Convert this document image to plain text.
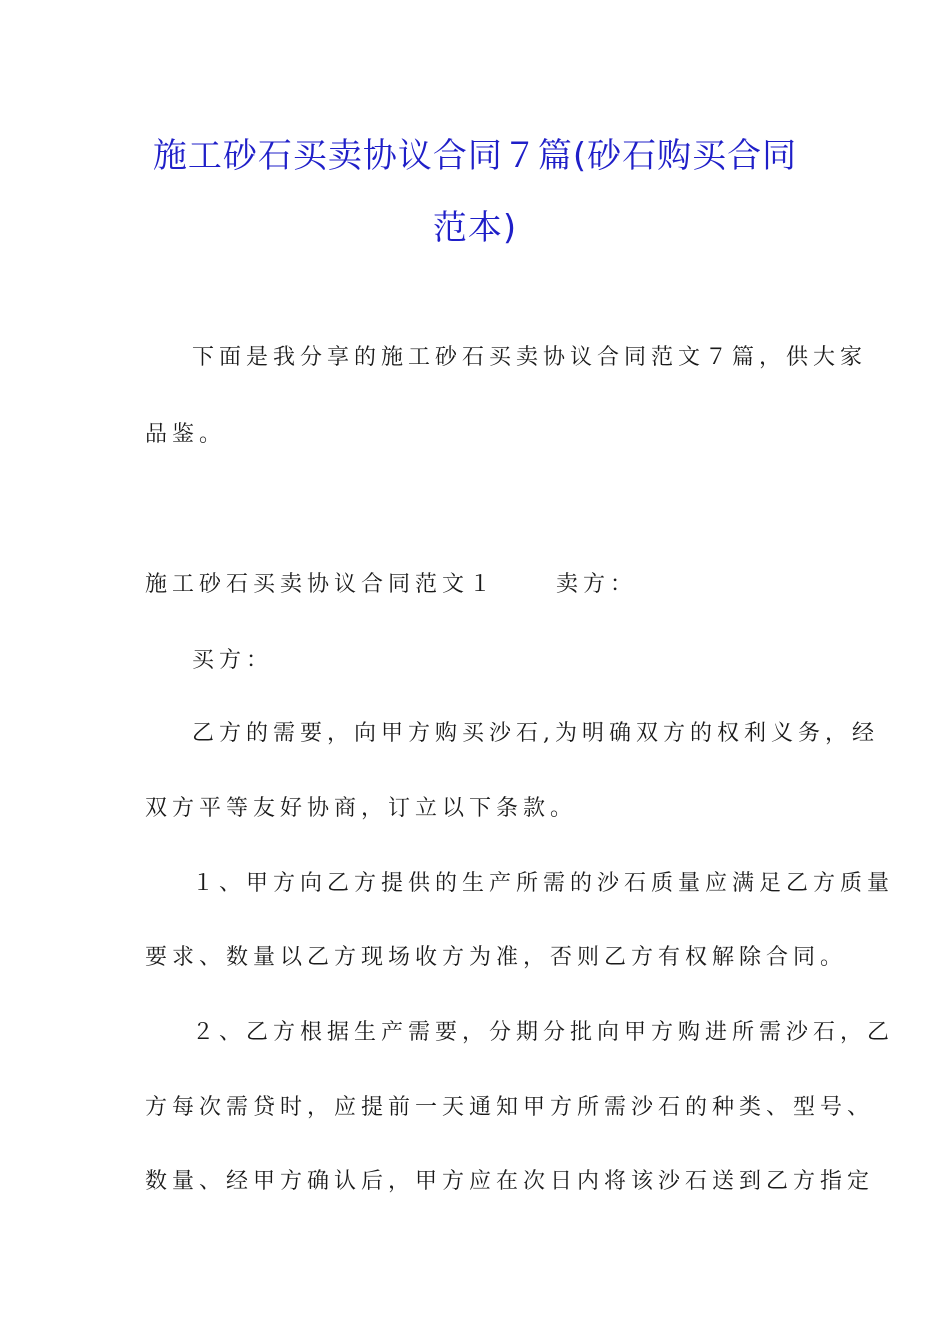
施工砂石买卖协议合同７篇(砂石购买合同
范本)
下面是我分享的施工砂石买卖协议合同范文７篇，供大家
品鉴。
施工砂石买卖协议合同范文１	卖方：
买方：
乙方的需要，向甲方购买沙石,为明确双方的权利义务，经
双方平等友好协商，订立以下条款。
１、甲方向乙方提供的生产所需的沙石质量应满足乙方质量
要求、数量以乙方现场收方为准，否则乙方有权解除合同。
２、乙方根据生产需要，分期分批向甲方购进所需沙石，乙
方每次需贷时，应提前一天通知甲方所需沙石的种类、型号、
数量、经甲方确认后，甲方应在次日内将该沙石送到乙方指定
